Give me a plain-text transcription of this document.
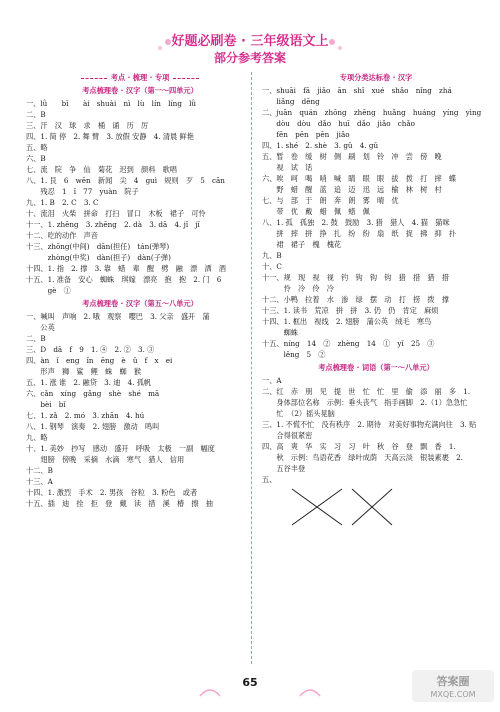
好题必刷卷 · 三年级语文上
部分参考答案
考点 · 梳理 · 专项
考点梳理卷 · 汉字（第一～四单元）
一、lǜ　　bǐ　　ài　shuài　nì　lù　lín　líng　lǜ
二、B
三、汗　汉　球　求　桶　诵　历　厉
四、1. 简 停　2. 舞 臂　3. 放假 安静　4. 清晨 鲜艳
五、略
六、B
七、流　院　争　仙　菊花　迟到　颜料　歌唱
八、1. 艮　6　wēn　新闻　尖　4　guì　规则　歹　5　cān
　　残忍　1　ǐ　77　yuàn　院子
九、1. B　2. C　3. C
十、流泪　火柴　拼命　打扫　冒口　木板　裙子　可怜
十一、1. zhēng　3. zhēng　2. dà　3. dā　4. jǐ　jǐ
十二、吃的动作　声音
十三、zhōng(中间)　dān(担任)　tán(弹琴)
　　　zhòng(中奖)　dàn(担子)　dàn(子弹)
十四、1. 指　2. 撑　3. 靠　蜡　辈　醒　劈　融　漂　洒　酒
十五、1. 准备　安心　蜘蛛　琪嫁　漂亮　抱　抱　2. 门　6
　　　gè　①
考点梳理卷 · 汉字（第五～八单元）
一、喊叫　声响　2. 哦　观察　嘤巴　3. 父亲　盛开　蒲
　　公英
二、B
三、D　dā　f　9　1. ④　2. ②　3. ③
四、àn　ǐ　eng　ǐn　ēng　è　ǔ　f　x　ei
　　形声　狮　鲨　鲤　蛛　蜘　猴
五、1. 涨 谁　2. 融贷　3. 迪　4. 孤帆
六、cǎn　xíng　gǎng　shè　shé　mā
　　bèi　bǐ
七、1. zǎ　2. mó　3. zhān　4. hú
八、1. 钢琴　演奏　2. 翅膀　激动　鸣叫
九、略
十、1. 美妙　抄写　感动　盛开　呼吸　太极　一副　幅度
　　翅膀　傍晚　采摘　水滴　寒气　猎人　信用
十二、B
十三、A
十四、1. 激烈　手术　2. 男孩　谷粒　3. 粉色　或者
十五、插　迪　拴　拒　登　戴　读　措　溪　椿　擦　抽
专项分类达标卷 · 汉字
一、shuāi　fā　jiǎo　ān　shǐ　xué　shǎo　nǐng　zhá
　　liǎng　dēng
二、juān　quán　zhōng　zhēng　huǎng　huáng　yíng　yìng
　　dòu　dòu　dǎo　huī　dǎo　jiǎo　chǎo
　　fēn　pēn　pēn　jiǎo
四、1. shé　2. shè　3. gǔ　4. gǔ
五、暂　卷　缓　树　侧　刷　划　铃　冲　尝　傍　晚
　　视　试　话
六、唉　呵　喝　哨　喊　睛　眼　眼　拔　拨　打　摔　蝶
　　野　蜡　醒　蓝　追　迈　迅　远　榆　林　树　村
七、与　部　于　朗　奔　朗　雾　晴　优
　　带　优　戴　蜡　佩　蜡　佩
八、1. 孤　孤独　2. 鼓　鼓励　3. 猎　猎人　4. 猫　猫咪
　　拼　摔　拼　挣　扎　纷　纷　扇　纸　捉　拂　抑　扑
　　裙　裙子　槐　槐花
九、B
十、C
十一、规　现　视　视　钓　钩　钩　钩　猎　措　猎　措
　　　怜　冷　伶　冷
十二、小鸭　拉着　水　渗　绿　摆　动　打　捞　拨　撑
十三、1. 读书　荒凉　拼　拼　3. 仍　仍　肯定　麻烦
十四、1. 框出　视线　2. 翅膀　蒲公英　绒毛　寒鸟
　　　蜘蛛
十五、níng　14　②　zhèng　14　①　yǐ　25　③
　　　lěng　5　②
考点梳理卷 · 词语（第一～八单元）
一、A
二、红　赤　朋　见　提　世　忙　忙　里　偷　添　丽　多　1.
　　身体部位名称　示例：垂头丧气　指手画脚　2.（1）急急忙
　　忙　（2）摇头晃脑
三、1. 不慌不忙　没有秩序　2. 期待　对美好事物充满向往　3. 贴
　　合得很紧密
四、高　爽　华　实　习　习　叶　秋　谷　登　飘　香　1.
　　秋　示例：鸟语花香　绿叶成荫　天高云淡　银装素裹　2.
　　五谷丰登
五、
65	答案圈
MXQE.COM
